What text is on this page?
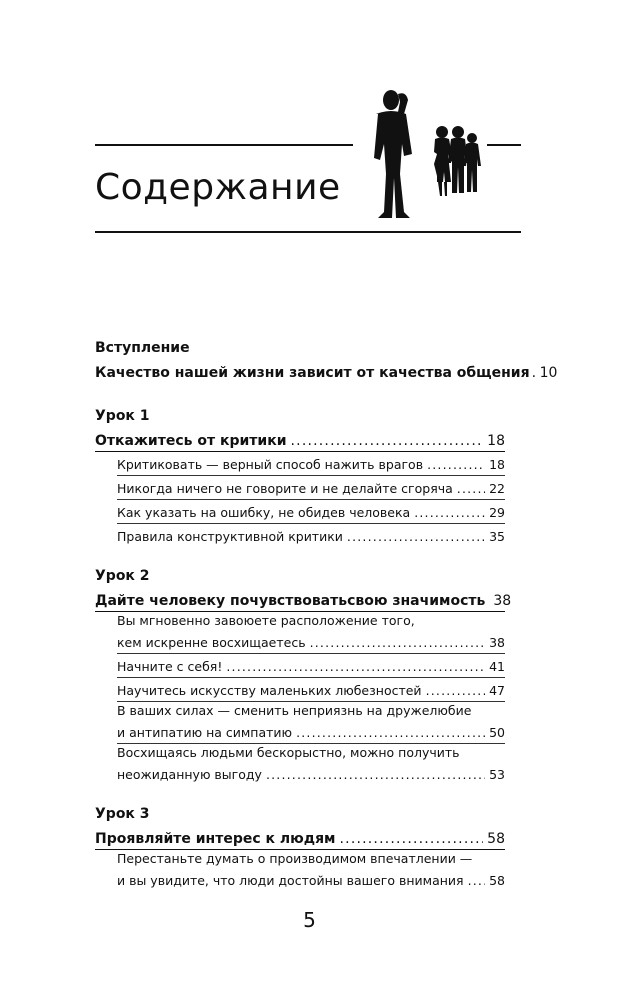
Содержание
Вступление
Качество нашей жизни зависит от качества общения ..... 10
Урок 1
Откажитесь от критики .....	18
Критиковать — верный способ нажить врагов .....	18
Никогда ничего не говорите и не делайте сгоряча .....	22
Как указать на ошибку, не обидев человека .....	29
Правила конструктивной критики .....	35
Урок 2
Дайте человеку почувствоватьсвою значимость 38
Вы мгновенно завоюете расположение того,
кем искренне восхищаетесь .....	38
Начните с себя! .....	41
Научитесь искусству маленьких любезностей .....	47
В ваших силах — сменить неприязнь на дружелюбие
и антипатию на симпатию .....	50
Восхищаясь людьми бескорыстно, можно получить
неожиданную выгоду .....	53
Урок 3
Проявляйте интерес к людям .....	58
Перестаньте думать о производимом впечатлении —
и вы увидите, что люди достойны вашего внимания ..... 58
5
